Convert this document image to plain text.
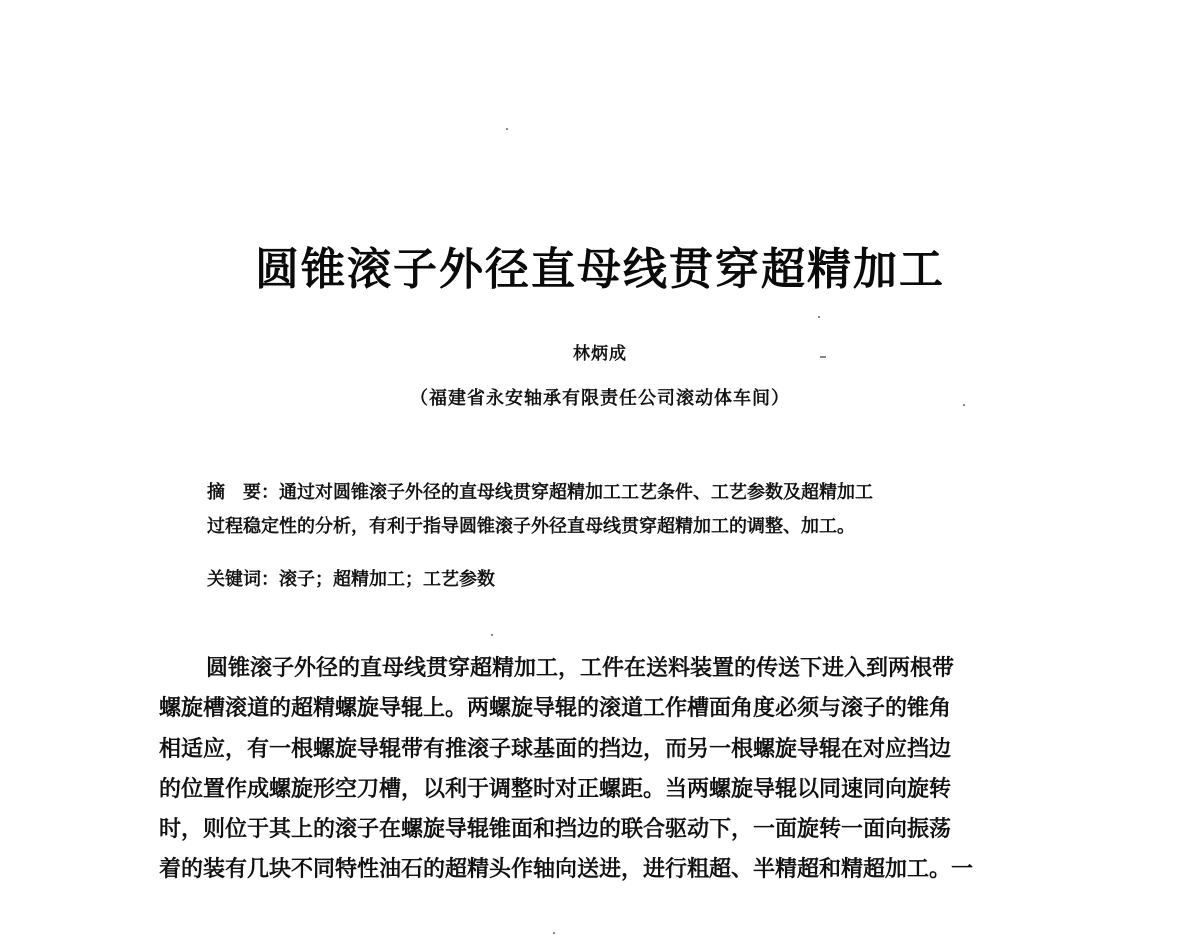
圆锥滚子外径直母线贯穿超精加工
林炳成
（福建省永安轴承有限责任公司滚动体车间）
摘　要：通过对圆锥滚子外径的直母线贯穿超精加工工艺条件、工艺参数及超精加工
过程稳定性的分析，有利于指导圆锥滚子外径直母线贯穿超精加工的调整、加工。
关键词：滚子；超精加工；工艺参数
圆锥滚子外径的直母线贯穿超精加工，工件在送料装置的传送下进入到两根带
螺旋槽滚道的超精螺旋导辊上。两螺旋导辊的滚道工作槽面角度必须与滚子的锥角
相适应，有一根螺旋导辊带有推滚子球基面的挡边，而另一根螺旋导辊在对应挡边
的位置作成螺旋形空刀槽，以利于调整时对正螺距。当两螺旋导辊以同速同向旋转
时，则位于其上的滚子在螺旋导辊锥面和挡边的联合驱动下，一面旋转一面向振荡
着的装有几块不同特性油石的超精头作轴向送进，进行粗超、半精超和精超加工。一
